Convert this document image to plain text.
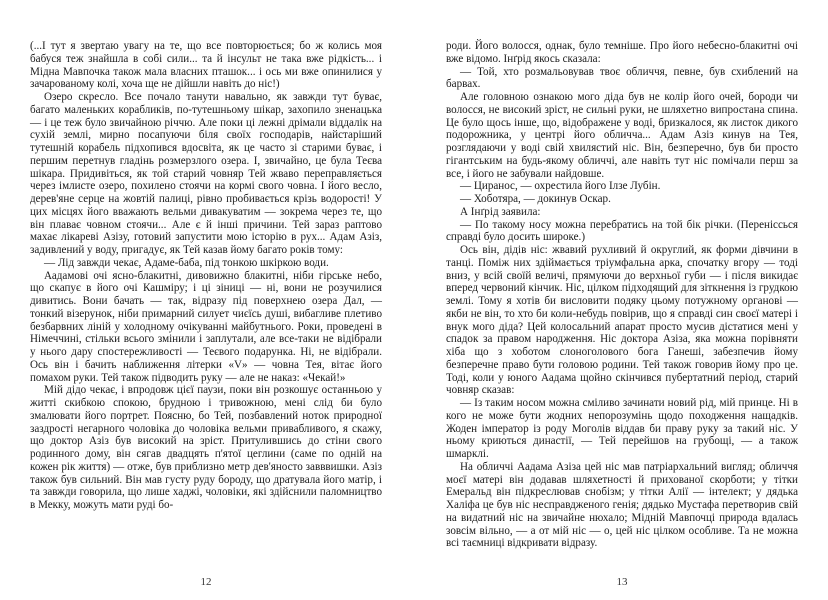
(...І тут я звертаю увагу на те, що все повторюється; бо ж колись моя бабуся теж знайшла в собі сили... та й інсульт не така вже рідкість... і Мідна Мавпочка також мала власних пташок... і ось ми вже опинилися у зачарованому колі, хоча ще не дійшли навіть до ніс!)

Озеро скресло. Все почало танути навально, як завжди тут буває, багато маленьких корабликів, по-тутешньому шікар, захопило зненацька — і це теж було звичайною річчю. Але поки ці лежні дрімали віддалік на сухій землі, мирно посапуючи біля своїх господарів, найстаріший тутешній корабель підхопився вдосвіта, як це часто зі старими буває, і першим перетнув гладінь розмерзлого озера. І, звичайно, це була Теєва шікара. Придивіться, як той старий човняр Тей жваво переправляється через імлисте озеро, похилено стоячи на кормі свого човна. І його весло, дерев'яне серце на жовтій палиці, рівно пробивається крізь водорості! У цих місцях його вважають вельми дивакуватим — зокрема через те, що він плаває човном стоячи... Але є й інші причини. Тей зараз раптово махає лікареві Азізу, готовий запустити мою історію в рух... Адам Азіз, задивлений у воду, пригадує, як Тей казав йому багато років тому:

— Лід завжди чекає, Адаме-баба, під тонкою шкіркою води.

Аадамові очі ясно-блакитні, дивовижно блакитні, ніби гірське небо, що скапує в його очі Кашміру; і ці зіниці — ні, вони не розучилися дивитись. Вони бачать — так, відразу під поверхнею озера Дал, — тонкий візерунок, ніби примарний силует чиєїсь душі, вибагливе плетиво безбарвних ліній у холодному очікуванні майбутнього. Роки, проведені в Німеччині, стільки всього змінили і заплутали, але все-таки не відібрали у нього дару спостережливості — Теєвого подарунка. Ні, не відібрали. Ось він і бачить наближення літерки «V» — човна Тея, вітає його помахом руки. Тей також підводить руку — але не наказ: «Чекай!»

Мій дідо чекає, і впродовж цієї паузи, поки він розкошує останньою у житті скибкою спокою, брудною і тривожною, мені слід би було змалювати його портрет. Поясню, бо Тей, позбавлений ноток природної заздрості негарного чоловіка до чоловіка вельми привабливого, я скажу, що доктор Азіз був високий на зріст. Притулившись до стіни свого родинного дому, він сягав двадцять п'ятої цеглини (саме по одній на кожен рік життя) — отже, був приблизно метр дев'яносто завввишки. Азіз також був сильний. Він мав густу руду бороду, що дратувала його матір, і та завжди говорила, що лише хаджі, чоловіки, які здійснили паломництво в Мекку, можуть мати руді бо-

12

роди. Його волосся, однак, було темніше. Про його небесно-блакитні очі вже відомо. Інґрід якось сказала:

— Той, хто розмальовував твоє обличчя, певне, був схиблений на барвах.

Але головною ознакою мого діда був не колір його очей, бороди чи волосся, не високий зріст, не сильні руки, не шляхетно випростана спина. Це було щось інше, що, відображене у воді, бризкалося, як листок дикого подорожника, у центрі його обличча... Адам Азіз кинув на Тея, розглядаючи у воді свій хвилястий ніс. Він, безперечно, був би просто гігантським на будь-якому обличчі, але навіть тут ніс помічали перш за все, і його не забували найдовше.

— Циранос, — охрестила його Ілзе Лубін.

— Хоботяра, — докинув Оскар.

А Інґрід заявила:

— По такому носу можна перебратись на той бік річки. (Переніссься справді було досить широке.)

Ось він, дідів ніс: жвавий рухливий й округлий, як форми дівчини в танці. Поміж них здіймається тріумфальна арка, спочатку вгору — тоді вниз, у всій своїй величі, прямуючи до верхньої губи — і після викидає вперед червоний кінчик. Ніс, цілком підходящий для зіткнення із грудкою землі. Тому я хотів би висловити подяку цьому потужному органові — якби не він, то хто би коли-небудь повірив, що я справді син своєї матері і внук мого діда? Цей колосальний апарат просто мусив дістатися мені у спадок за правом народження. Ніс доктора Азіза, яка можна порівняти хіба що з хоботом слоноголового бога Ганеші, забезпечив йому безперечне право бути головою родини. Тей також говорив йому про це. Тоді, коли у юного Аадама щойно скінчився пубертатний період, старий човняр сказав:

— Із таким носом можна сміливо зачинати новий рід, мій принце. Ні в кого не може бути жодних непорозумінь щодо походження нащадків. Жоден імператор із роду Моголів віддав би праву руку за такий ніс. У ньому криються династії, — Тей перейшов на грубощі, — а також шмарклі.

На обличчі Аадама Азіза цей ніс мав патріархальний вигляд; обличчя моєї матері він додавав шляхетності й прихованої скорботи; у тітки Емеральд він підкреслював снобізм; у тітки Алії — інтелект; у дядька Халіфа це був ніс несправдженого генія; дядько Мустафа перетворив свій на видатний ніс на звичайне нюхало; Мідній Мавпочці природа вдалась зовсім вільно, — а от мій ніс — о, цей ніс цілком особливе. Та не можна всі таємниці відкривати відразу.

13
